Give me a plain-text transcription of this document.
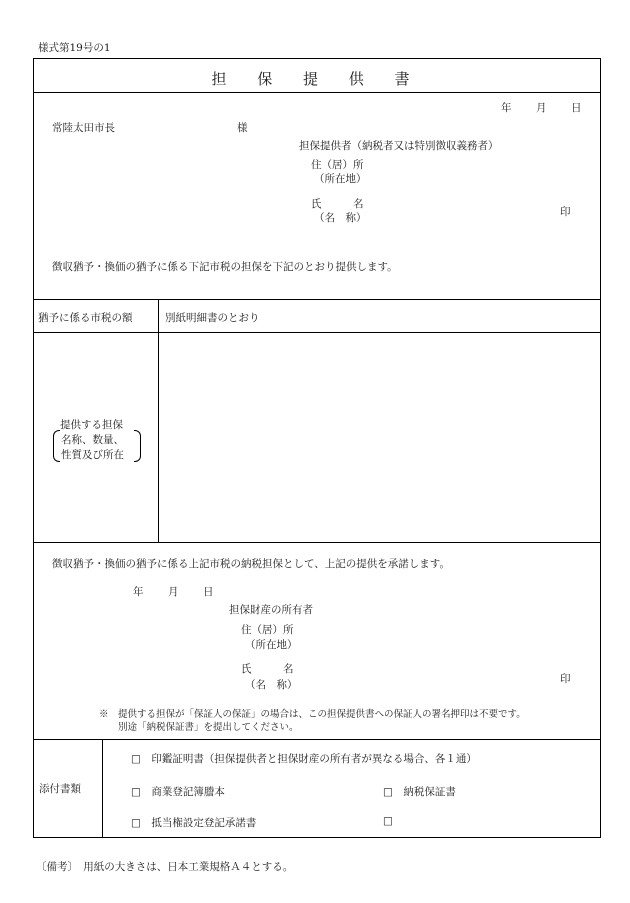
様式第19号の1
担 保 提 供 書
年 月 日
常陸太田市長	様
担保提供者（納税者又は特別徴収義務者）
住（居）所
（所在地）
氏　　　名
（名　称）	印
徴収猶予・換価の猶予に係る下記市税の担保を下記のとおり提供します。
猶予に係る市税の額	別紙明細書のとおり
提供する担保
名称、数量、
性質及び所在
徴収猶予・換価の猶予に係る上記市税の納税担保として、上記の提供を承諾します。
年 月 日
担保財産の所有者
住（居）所
（所在地）
氏　　　名
（名　称）	印
※　提供する担保が「保証人の保証」の場合は、この担保提供書への保証人の署名押印は不要です。
別途「納税保証書」を提出してください。
添付書類
□　印鑑証明書（担保提供者と担保財産の所有者が異なる場合、各１通）
□　商業登記簿謄本	□　納税保証書
□　抵当権設定登記承諾書	□
〔備考〕　用紙の大きさは、日本工業規格Ａ４とする。
